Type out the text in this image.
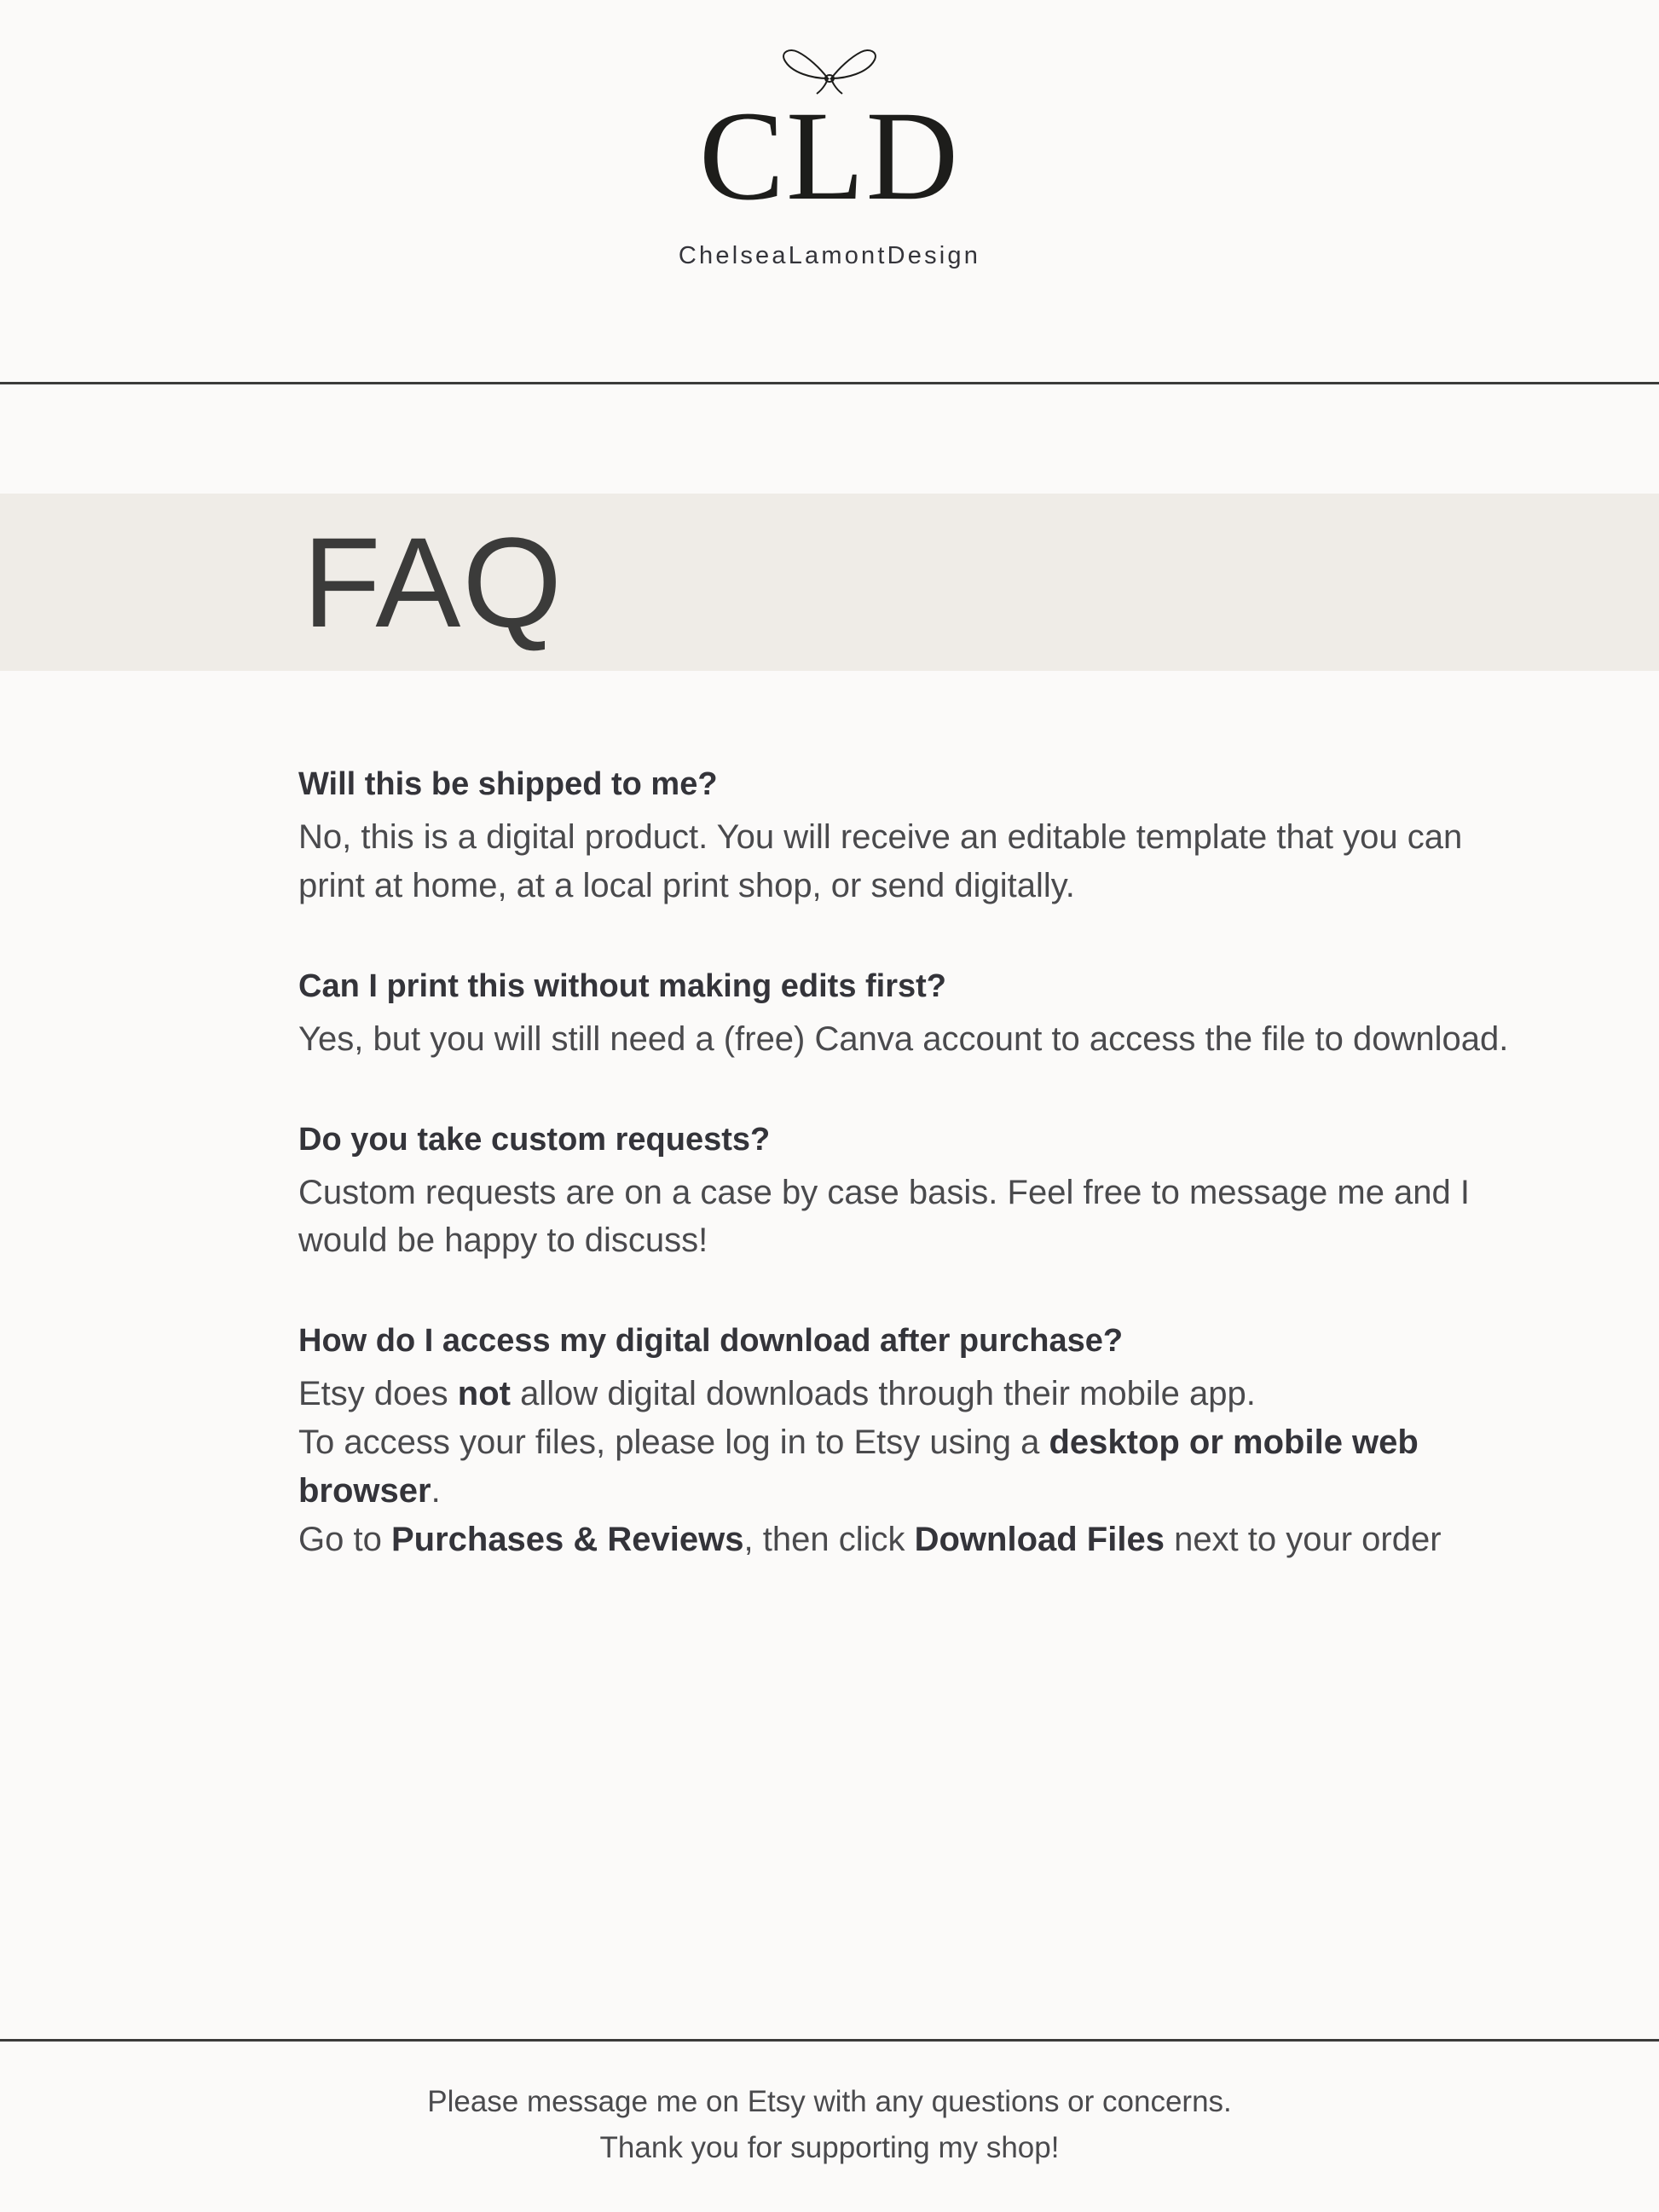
CLD
ChelseaLamontDesign
FAQ
Will this be shipped to me?
No, this is a digital product. You will receive an editable template that you can print at home, at a local print shop, or send digitally.
Can I print this without making edits first?
Yes, but you will still need a (free) Canva account to access the file to download.
Do you take custom requests?
Custom requests are on a case by case basis. Feel free to message me and I would be happy to discuss!
How do I access my digital download after purchase?
Etsy does not allow digital downloads through their mobile app.
To access your files, please log in to Etsy using a desktop or mobile web browser.
Go to Purchases & Reviews, then click Download Files next to your order
Please message me on Etsy with any questions or concerns.
Thank you for supporting my shop!
